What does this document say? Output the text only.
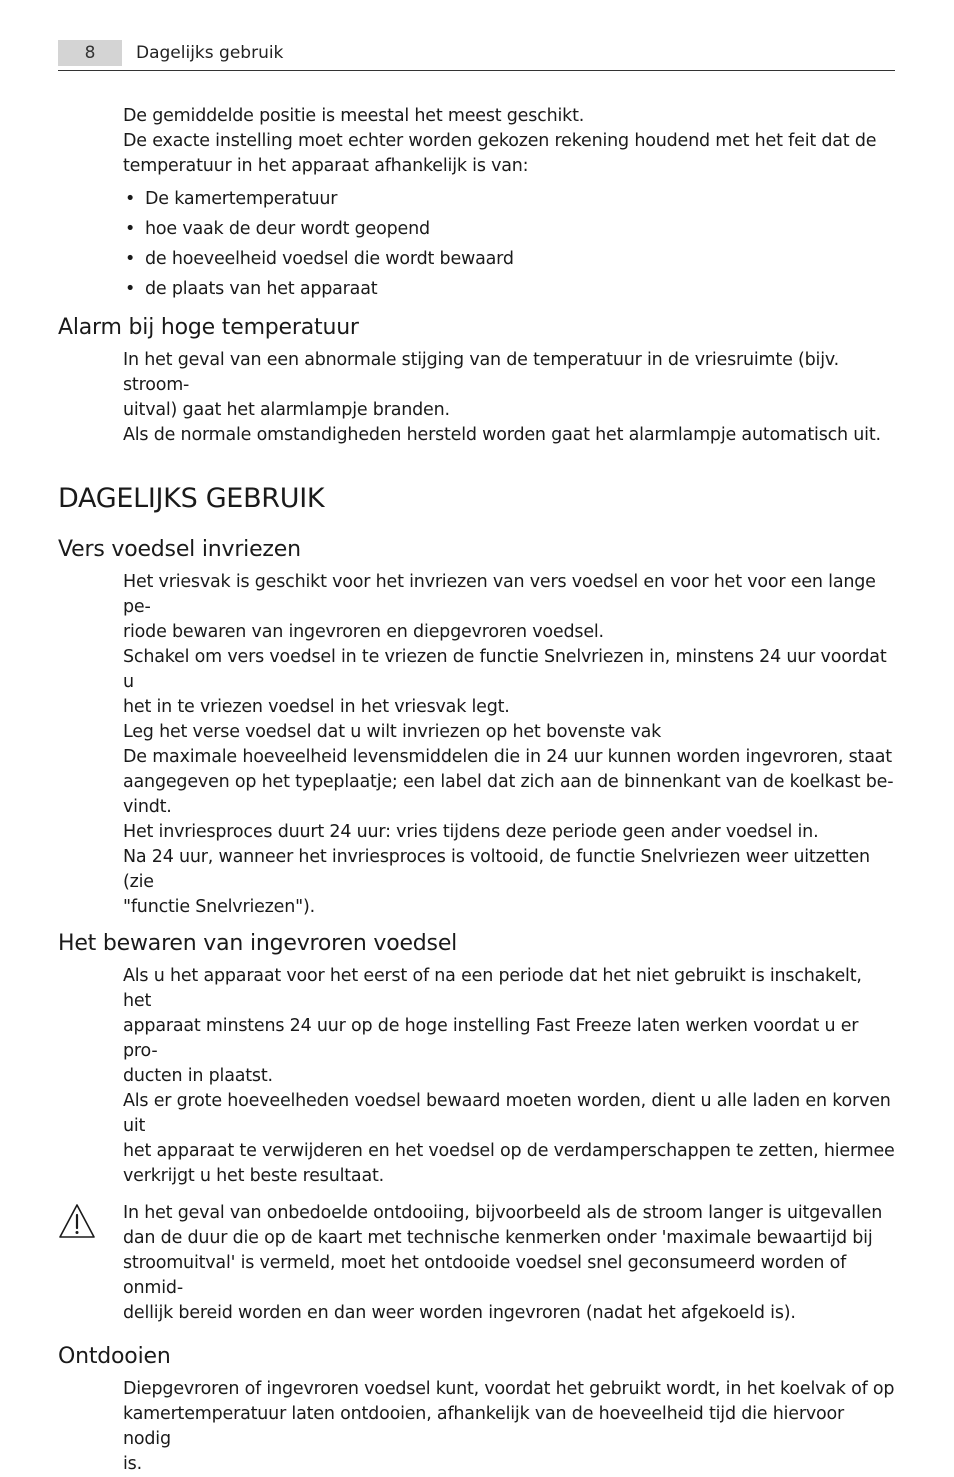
8	Dagelijks gebruik

De gemiddelde positie is meestal het meest geschikt.

De exacte instelling moet echter worden gekozen rekening houdend met het feit dat de

temperatuur in het apparaat afhankelijk is van:

• De kamertemperatuur
• hoe vaak de deur wordt geopend
• de hoeveelheid voedsel die wordt bewaard
• de plaats van het apparaat
Alarm bij hoge temperatuur

In het geval van een abnormale stijging van de temperatuur in de vriesruimte (bijv. stroom-

uitval) gaat het alarmlampje branden.

Als de normale omstandigheden hersteld worden gaat het alarmlampje automatisch uit.

DAGELIJKS GEBRUIK
Vers voedsel invriezen

Het vriesvak is geschikt voor het invriezen van vers voedsel en voor het voor een lange pe-

riode bewaren van ingevroren en diepgevroren voedsel.

Schakel om vers voedsel in te vriezen de functie Snelvriezen in, minstens 24 uur voordat u

het in te vriezen voedsel in het vriesvak legt.

Leg het verse voedsel dat u wilt invriezen op het bovenste vak

De maximale hoeveelheid levensmiddelen die in 24 uur kunnen worden ingevroren, staat

aangegeven op het typeplaatje; een label dat zich aan de binnenkant van de koelkast be-

vindt.

Het invriesproces duurt 24 uur: vries tijdens deze periode geen ander voedsel in.

Na 24 uur, wanneer het invriesproces is voltooid, de functie Snelvriezen weer uitzetten (zie

"functie Snelvriezen").

Het bewaren van ingevroren voedsel

Als u het apparaat voor het eerst of na een periode dat het niet gebruikt is inschakelt, het

apparaat minstens 24 uur op de hoge instelling Fast Freeze laten werken voordat u er pro-

ducten in plaatst.

Als er grote hoeveelheden voedsel bewaard moeten worden, dient u alle laden en korven uit

het apparaat te verwijderen en het voedsel op de verdamperschappen te zetten, hiermee

verkrijgt u het beste resultaat.

In het geval van onbedoelde ontdooiing, bijvoorbeeld als de stroom langer is uitgevallen

dan de duur die op de kaart met technische kenmerken onder 'maximale bewaartijd bij

stroomuitval' is vermeld, moet het ontdooide voedsel snel geconsumeerd worden of onmid-

dellijk bereid worden en dan weer worden ingevroren (nadat het afgekoeld is).

Ontdooien

Diepgevroren of ingevroren voedsel kunt, voordat het gebruikt wordt, in het koelvak of op

kamertemperatuur laten ontdooien, afhankelijk van de hoeveelheid tijd die hiervoor nodig

is.
